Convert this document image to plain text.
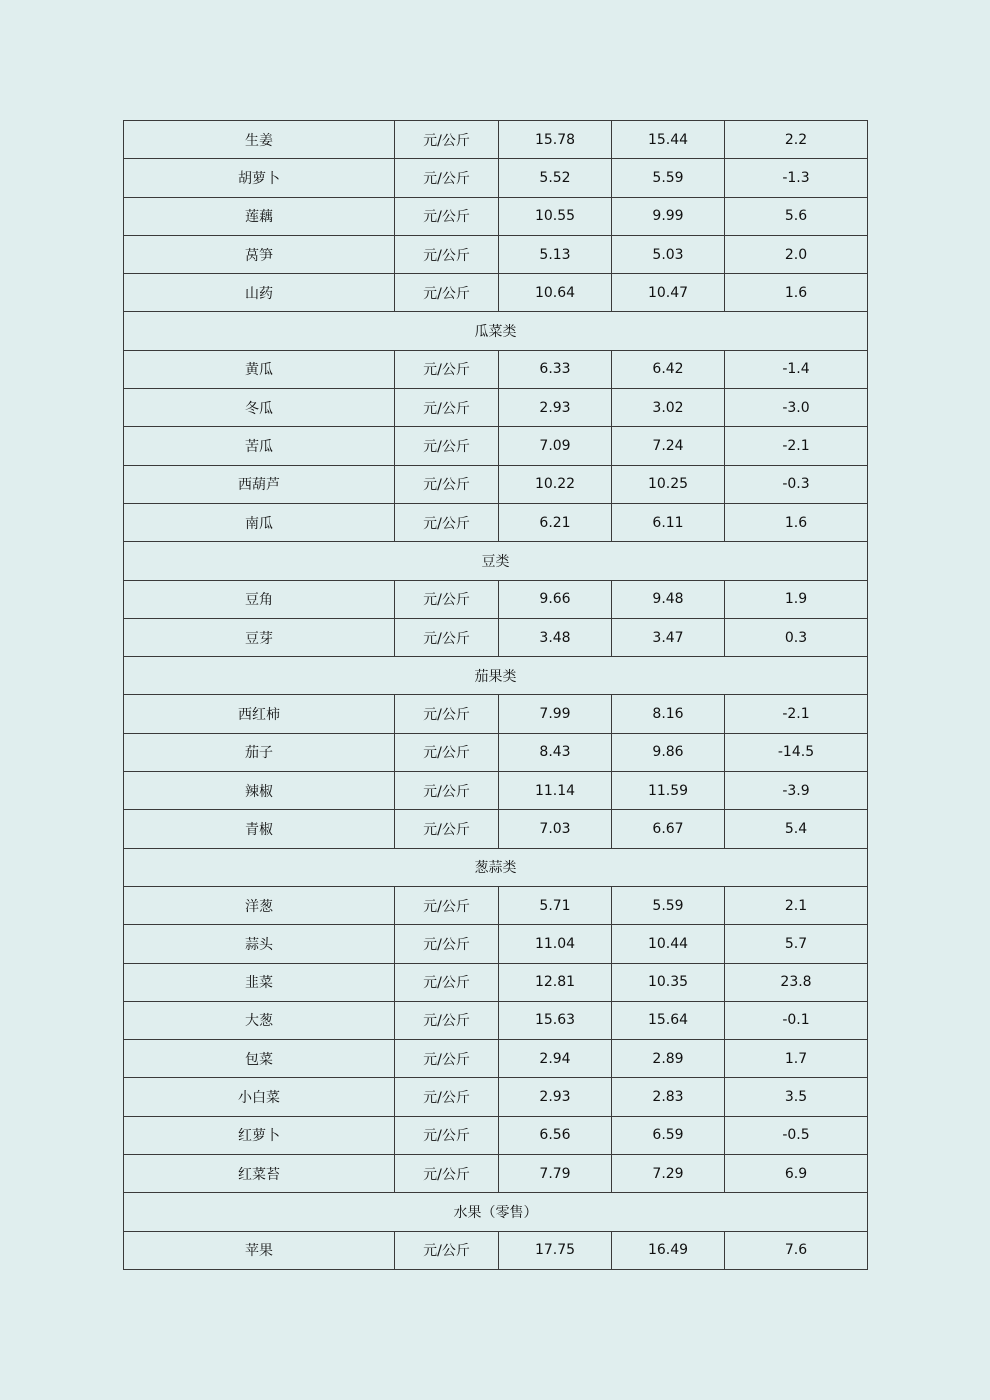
生姜	元/公斤	15.78	15.44	2.2
胡萝卜	元/公斤	5.52	5.59	-1.3
莲藕	元/公斤	10.55	9.99	5.6
莴笋	元/公斤	5.13	5.03	2.0
山药	元/公斤	10.64	10.47	1.6
瓜菜类				
黄瓜	元/公斤	6.33	6.42	-1.4
冬瓜	元/公斤	2.93	3.02	-3.0
苦瓜	元/公斤	7.09	7.24	-2.1
西葫芦	元/公斤	10.22	10.25	-0.3
南瓜	元/公斤	6.21	6.11	1.6
豆类				
豆角	元/公斤	9.66	9.48	1.9
豆芽	元/公斤	3.48	3.47	0.3
茄果类				
西红柿	元/公斤	7.99	8.16	-2.1
茄子	元/公斤	8.43	9.86	-14.5
辣椒	元/公斤	11.14	11.59	-3.9
青椒	元/公斤	7.03	6.67	5.4
葱蒜类				
洋葱	元/公斤	5.71	5.59	2.1
蒜头	元/公斤	11.04	10.44	5.7
韭菜	元/公斤	12.81	10.35	23.8
大葱	元/公斤	15.63	15.64	-0.1
包菜	元/公斤	2.94	2.89	1.7
小白菜	元/公斤	2.93	2.83	3.5
红萝卜	元/公斤	6.56	6.59	-0.5
红菜苔	元/公斤	7.79	7.29	6.9
水果（零售）				
苹果	元/公斤	17.75	16.49	7.6
